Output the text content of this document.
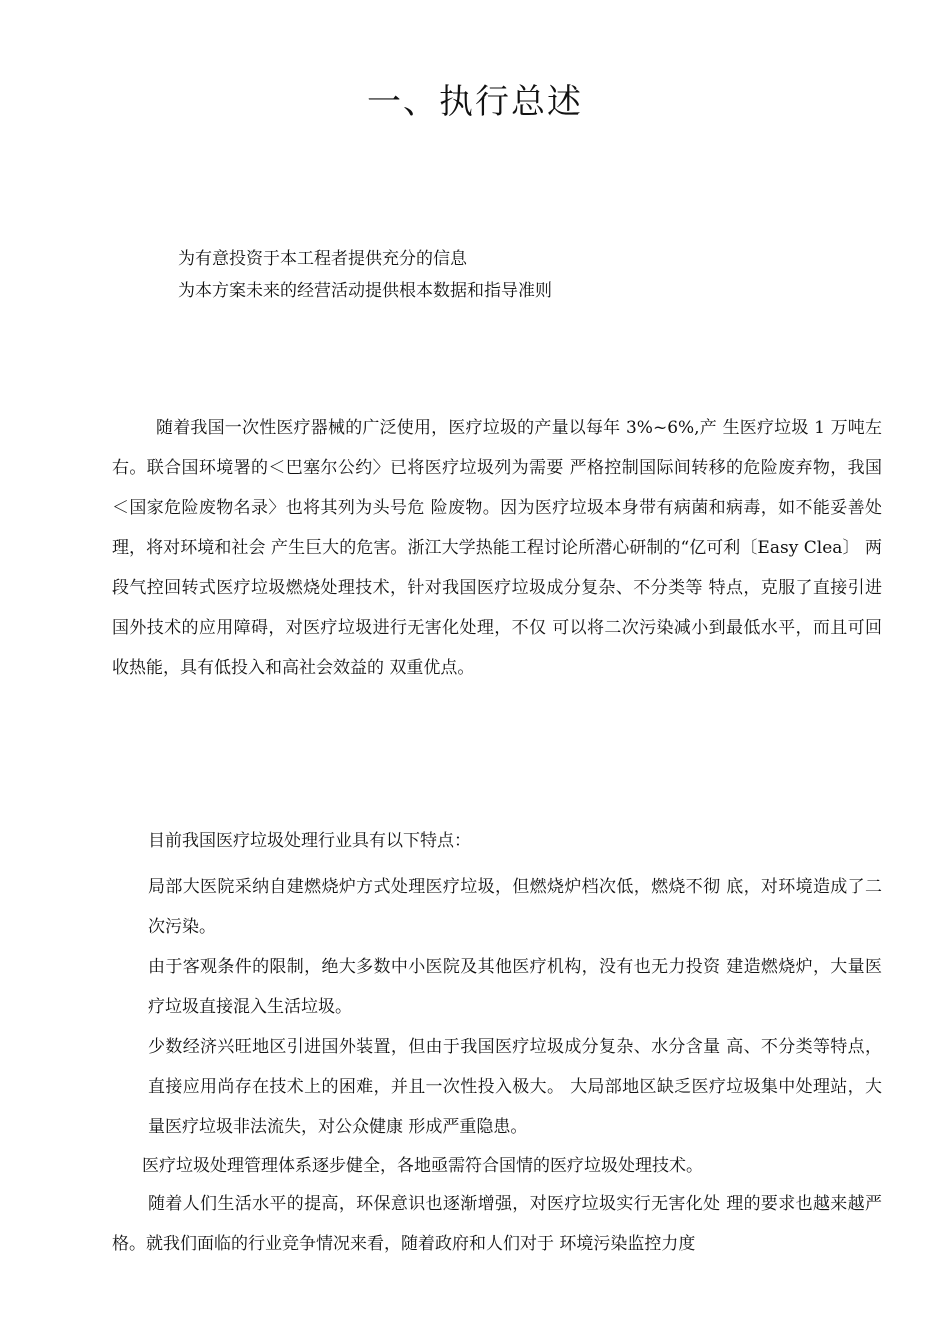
一、执行总述
为有意投资于本工程者提供充分的信息
为本方案未来的经营活动提供根本数据和指导准则

随着我国一次性医疗器械的广泛使用，医疗垃圾的产量以每年 3%~6%,产 生医疗垃圾 1 万吨左右。联合国环境署的＜巴塞尔公约〉已将医疗垃圾列为需要 严格控制国际间转移的危险废弃物，我国＜国家危险废物名录〉也将其列为头号危 险废物。因为医疗垃圾本身带有病菌和病毒，如不能妥善处理，将对环境和社会 产生巨大的危害。浙江大学热能工程讨论所潜心研制的“亿可利〔Easy Clea〕 两段气控回转式医疗垃圾燃烧处理技术，针对我国医疗垃圾成分复杂、不分类等 特点，克服了直接引进国外技术的应用障碍，对医疗垃圾进行无害化处理，不仅 可以将二次污染减小到最低水平，而且可回收热能，具有低投入和高社会效益的 双重优点。

目前我国医疗垃圾处理行业具有以下特点：
局部大医院采纳自建燃烧炉方式处理医疗垃圾，但燃烧炉档次低，燃烧不彻 底，对环境造成了二次污染。
由于客观条件的限制，绝大多数中小医院及其他医疗机构，没有也无力投资 建造燃烧炉，大量医疗垃圾直接混入生活垃圾。
少数经济兴旺地区引进国外装置，但由于我国医疗垃圾成分复杂、水分含量 高、不分类等特点，直接应用尚存在技术上的困难，并且一次性投入极大。 大局部地区缺乏医疗垃圾集中处理站，大量医疗垃圾非法流失，对公众健康 形成严重隐患。
医疗垃圾处理管理体系逐步健全，各地亟需符合国情的医疗垃圾处理技术。

随着人们生活水平的提高，环保意识也逐渐增强，对医疗垃圾实行无害化处 理的要求也越来越严格。就我们面临的行业竞争情况来看，随着政府和人们对于 环境污染监控力度
